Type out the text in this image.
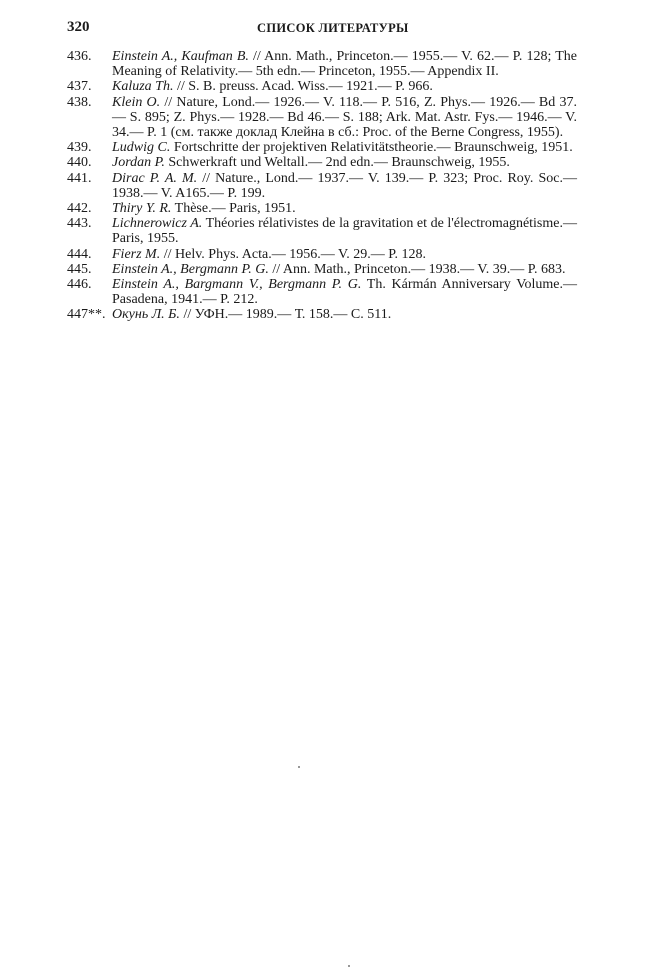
320	СПИСОК ЛИТЕРАТУРЫ

436. Einstein A., Kaufman B. // Ann. Math., Princeton.— 1955.— V. 62.— P. 128; The Meaning of Relativity.— 5th edn.— Princeton, 1955.— Appendix II.

437. Kaluza Th. // S. B. preuss. Acad. Wiss.— 1921.— P. 966.

438. Klein O. // Nature, Lond.— 1926.— V. 118.— P. 516, Z. Phys.— 1926.— Bd 37.— S. 895; Z. Phys.— 1928.— Bd 46.— S. 188; Ark. Mat. Astr. Fys.— 1946.— V. 34.— P. 1 (см. также доклад Клейна в сб.: Proc. of the Berne Congress, 1955).

439. Ludwig C. Fortschritte der projektiven Relativitätstheorie.— Braunschweig, 1951.

440. Jordan P. Schwerkraft und Weltall.— 2nd edn.— Braunschweig, 1955.

441. Dirac P. A. M. // Nature., Lond.— 1937.— V. 139.— P. 323; Proc. Roy. Soc.— 1938.— V. A165.— P. 199.

442. Thiry Y. R. Thèse.— Paris, 1951.

443. Lichnerowicz A. Théories rélativistes de la gravitation et de l'électromagnétisme.— Paris, 1955.

444. Fierz M. // Helv. Phys. Acta.— 1956.— V. 29.— P. 128.

445. Einstein A., Bergmann P. G. // Ann. Math., Princeton.— 1938.— V. 39.— P. 683.

446. Einstein A., Bargmann V., Bergmann P. G. Th. Kármán Anniversary Volume.— Pasadena, 1941.— P. 212.

447**. Окунь Л. Б. // УФН.— 1989.— Т. 158.— С. 511.
